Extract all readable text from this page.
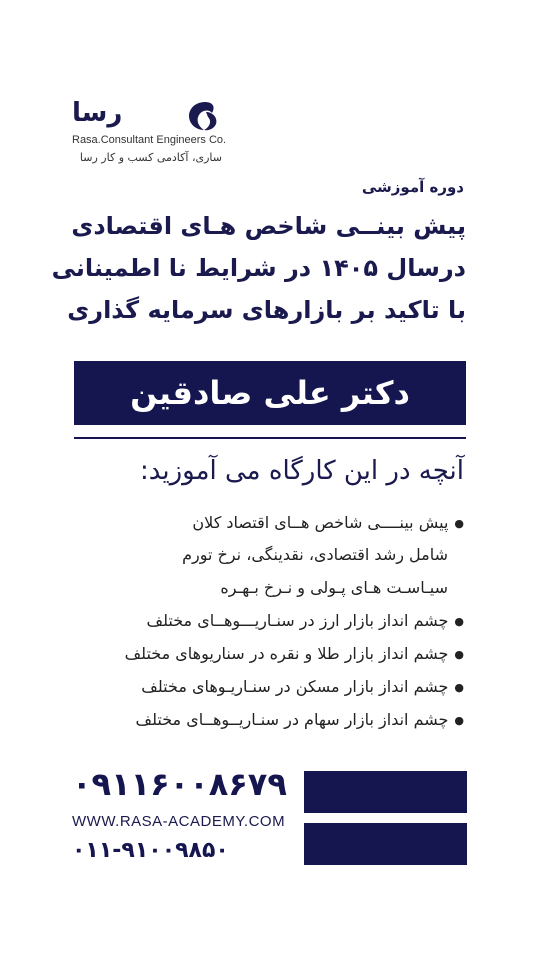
رسا
Rasa.Consultant Engineers Co.
ساری، آکادمی کسب و کار رسا
دوره آموزشی
پیش بینــی شاخص هـای اقتصادی
درسال ۱۴۰۵ در شرایط نا اطمینانی
با تاکید بر بازارهای سرمایه گذاری
دکتر علی صادقین
آنچه در این کارگاه می آموزید:
● پیش بینــــی شاخص هــای اقتصاد کلان
شامل رشد اقتصادی، نقدینگی، نرخ تورم
سیـاسـت هـای پـولی و نـرخ بـهـره
● چشم انداز بازار ارز در سنـاریـــوهــای مختلف
● چشم انداز بازار طلا و نقره در سناریوهای مختلف
● چشم انداز بازار مسکن در سنـاریـوهای مختلف
● چشم انداز بازار سهام در سنـاریــوهــای مختلف
۰۹۱۱۶۰۰۸۶۷۹
WWW.RASA-ACADEMY.COM
۰۱۱-۹۱۰۰۹۸۵۰
